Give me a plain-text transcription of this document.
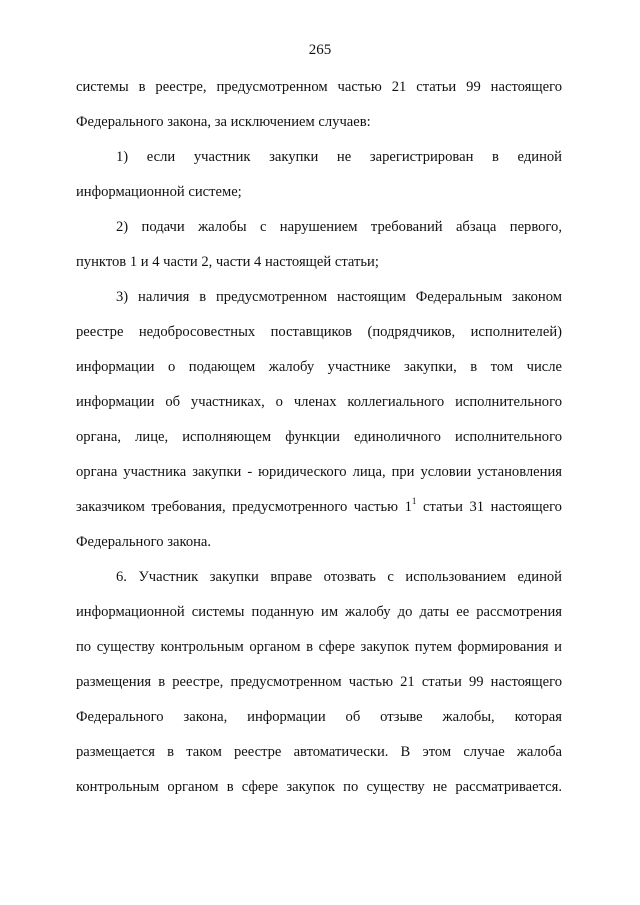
265
системы в реестре, предусмотренном частью 21 статьи 99 настоящего
Федерального закона, за исключением случаев:
1) если участник закупки не зарегистрирован в единой
информационной системе;
2) подачи жалобы с нарушением требований абзаца первого,
пунктов 1 и 4 части 2, части 4 настоящей статьи;
3) наличия в предусмотренном настоящим Федеральным законом
реестре недобросовестных поставщиков (подрядчиков, исполнителей)
информации о подающем жалобу участнике закупки, в том числе
информации об участниках, о членах коллегиального исполнительного
органа, лице, исполняющем функции единоличного исполнительного
органа участника закупки - юридического лица, при условии установления
заказчиком требования, предусмотренного частью $1^1$ статьи 31 настоящего
Федерального закона.
6. Участник закупки вправе отозвать с использованием единой
информационной системы поданную им жалобу до даты ее рассмотрения
по существу контрольным органом в сфере закупок путем формирования и
размещения в реестре, предусмотренном частью 21 статьи 99 настоящего
Федерального закона, информации об отзыве жалобы, которая
размещается в таком реестре автоматически. В этом случае жалоба
контрольным органом в сфере закупок по существу не рассматривается.
